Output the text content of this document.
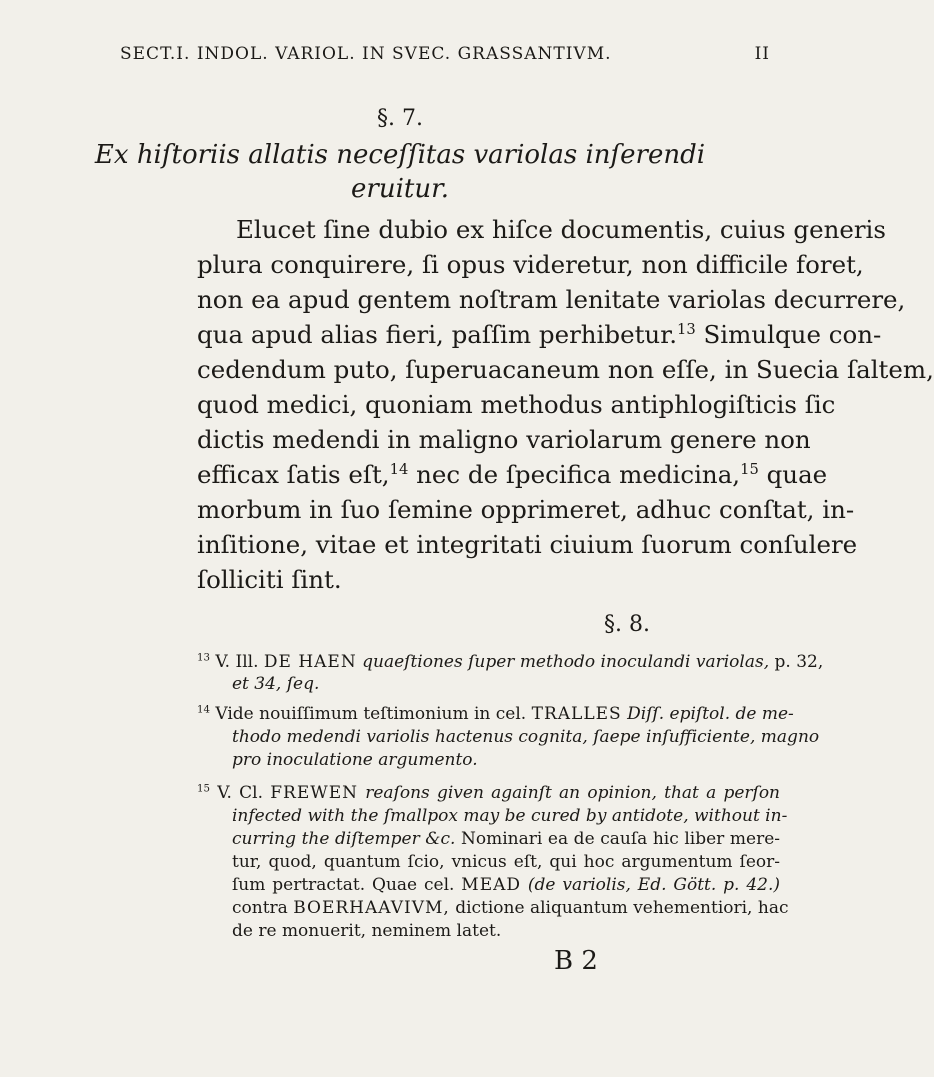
SECT.I. INDOL. VARIOL. IN SVEC. GRASSANTIVM.	II
§. 7.
Ex hiſtoriis allatis neceſſitas variolas inſerendi
eruitur.
Elucet ſine dubio ex hiſce documentis, cuius generis
plura conquirere, ſi opus videretur, non difficile foret,
non ea apud gentem noſtram lenitate variolas decurrere,
qua apud alias fieri, paſſim perhibetur.$^{13}$ Simulque con-
cedendum puto, ſuperuacaneum non eſſe, in Suecia ſaltem,
quod medici, quoniam methodus antiphlogiſticis ſic
dictis medendi in maligno variolarum genere non
efficax ſatis eſt,$^{14}$ nec de ſpecifica medicina,$^{15}$ quae
morbum in ſuo ſemine opprimeret, adhuc conſtat, in-
inſitione, vitae et integritati ciuium ſuorum conſulere
ſolliciti ſint.
§. 8.
$^{13}$ V. Ill. DE HAEN quaeſtiones ſuper methodo inoculandi variolas, p. 32,
et 34, ſeq.
$^{14}$ Vide nouiſſimum teſtimonium in cel. TRALLES Diſſ. epiſtol. de me-
thodo medendi variolis hactenus cognita, ſaepe inſufficiente, magno
pro inoculatione argumento.
$^{15}$ V. Cl. FREWEN reaſons given againſt an opinion, that a perſon
infected with the ſmallpox may be cured by antidote, without in-
curring the diſtemper &c. Nominari ea de cauſa hic liber mere-
tur, quod, quantum ſcio, vnicus eſt, qui hoc argumentum ſeor-
ſum pertractat. Quae cel. MEAD (de variolis, Ed. Gött. p. 42.)
contra BOERHAAVIVM, dictione aliquantum vehementiori, hac
de re monuerit, neminem latet.
B 2
